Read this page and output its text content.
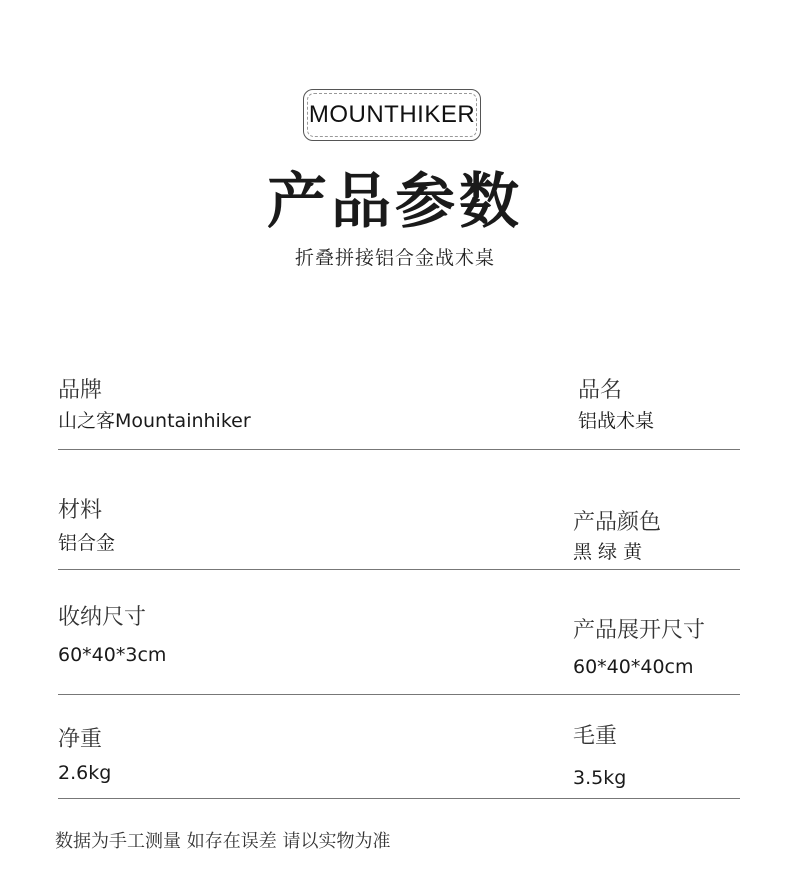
MOUNTHIKER
产品参数
折叠拼接铝合金战术桌
品牌
山之客Mountainhiker
品名
铝战术桌
材料
铝合金
产品颜色
黑 绿 黄
收纳尺寸
60*40*3cm
产品展开尺寸
60*40*40cm
净重
2.6kg
毛重
3.5kg
数据为手工测量 如存在误差 请以实物为准
